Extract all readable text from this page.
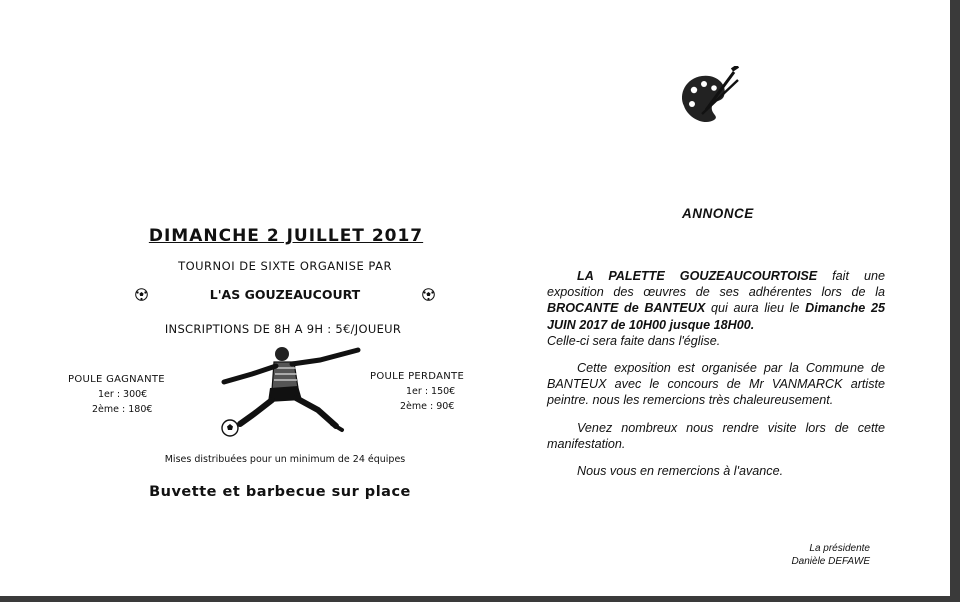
DIMANCHE 2 JUILLET 2017
TOURNOI DE SIXTE ORGANISE PAR
L'AS GOUZEAUCOURT
INSCRIPTIONS DE 8H A 9H : 5€/JOUEUR
POULE GAGNANTE
1er : 300€
2ème : 180€
POULE PERDANTE
1er : 150€
2ème : 90€
Mises distribuées pour un minimum de 24 équipes
Buvette et barbecue sur place
ANNONCE

LA PALETTE GOUZEAUCOURTOISE fait une exposition des œuvres de ses adhérentes lors de la BROCANTE de BANTEUX qui aura lieu le Dimanche 25 JUIN 2017 de 10H00 jusque 18H00.
Celle-ci sera faite dans l'église.

Cette exposition est organisée par la Commune de BANTEUX avec le concours de Mr VANMARCK artiste peintre. nous les remercions très chaleureusement.

Venez nombreux nous rendre visite lors de cette manifestation.

Nous vous en remercions à l'avance.

La présidente
Danièle DEFAWE
